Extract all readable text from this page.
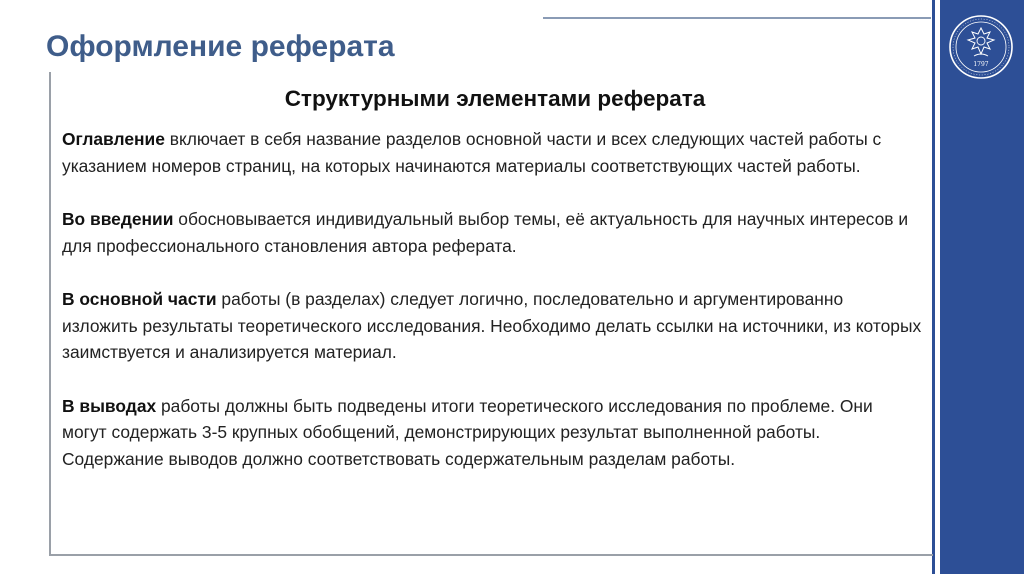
1797
Оформление реферата
Структурными элементами реферата

Оглавление включает в себя название разделов основной части и всех следующих частей работы с указанием номеров страниц, на которых начинаются материалы соответствующих частей работы.

Во введении обосновывается индивидуальный выбор темы, её актуальность для научных интересов и для профессионального становления автора реферата.

В основной части работы (в разделах) следует логично, последовательно и аргументированно изложить результаты теоретического исследования. Необходимо делать ссылки на источники, из которых заимствуется и анализируется материал.

В выводах работы должны быть подведены итоги теоретического исследования по проблеме. Они могут содержать 3-5 крупных обобщений, демонстрирующих результат выполненной работы. Содержание выводов должно соответствовать содержательным разделам работы.
